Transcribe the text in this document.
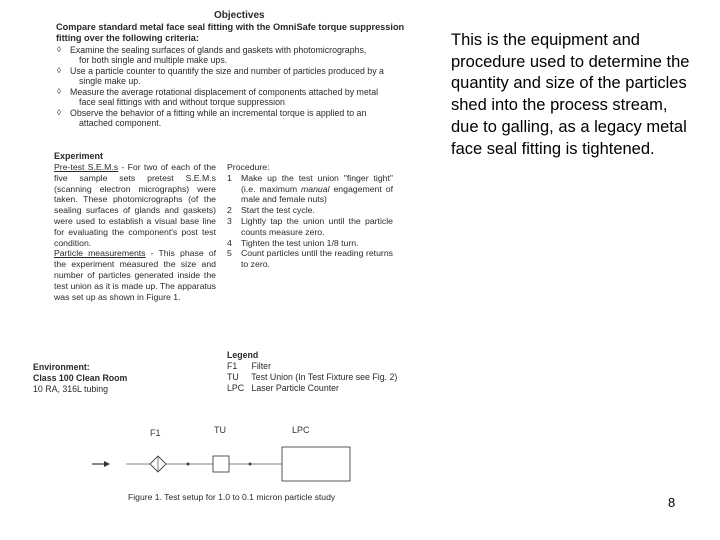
Objectives
Compare standard metal face seal fitting with the OmniSafe torque suppression fitting over the following criteria:
◊ Examine the sealing surfaces of glands and gaskets with photomicrographs,
for both single and multiple make ups.
◊ Use a particle counter to quantify the size and number of particles produced by a
single make up.
◊ Measure the average rotational displacement of components attached by metal
face seal fittings with and without torque suppression
◊ Observe the behavior of a fitting while an incremental torque is applied to an
attached component.
Experiment
Pre-test S.E.M.s - For two of each of the five sample sets pretest S.E.M.s (scanning electron micrographs) were taken. These photomicrographs (of the sealing surfaces of glands and gaskets) were used to establish a visual base line for evaluating the component's post test condition.
Particle measurements - This phase of the experiment measured the size and number of particles generated inside the test union as it is made up. The apparatus was set up as shown in Figure 1.
Procedure:
1 Make up the test union "finger tight" (i.e. maximum manual engagement of male and female nuts)
2 Start the test cycle.
3 Lightly tap the union until the particle counts measure zero.
4 Tighten the test union 1/8 turn.
5 Count particles until the reading returns to zero.
Environment:
Class 100 Clean Room
10 RA, 316L tubing
Legend
F1 Filter
TU Test Union (In Test Fixture see Fig. 2)
LPC Laser Particle Counter
F1	TU	LPC
Figure 1. Test setup for 1.0 to 0.1 micron particle study
This is the equipment and procedure used to determine the quantity and size of the particles shed into the process stream, due to galling, as a legacy metal face seal fitting is tightened.
8
